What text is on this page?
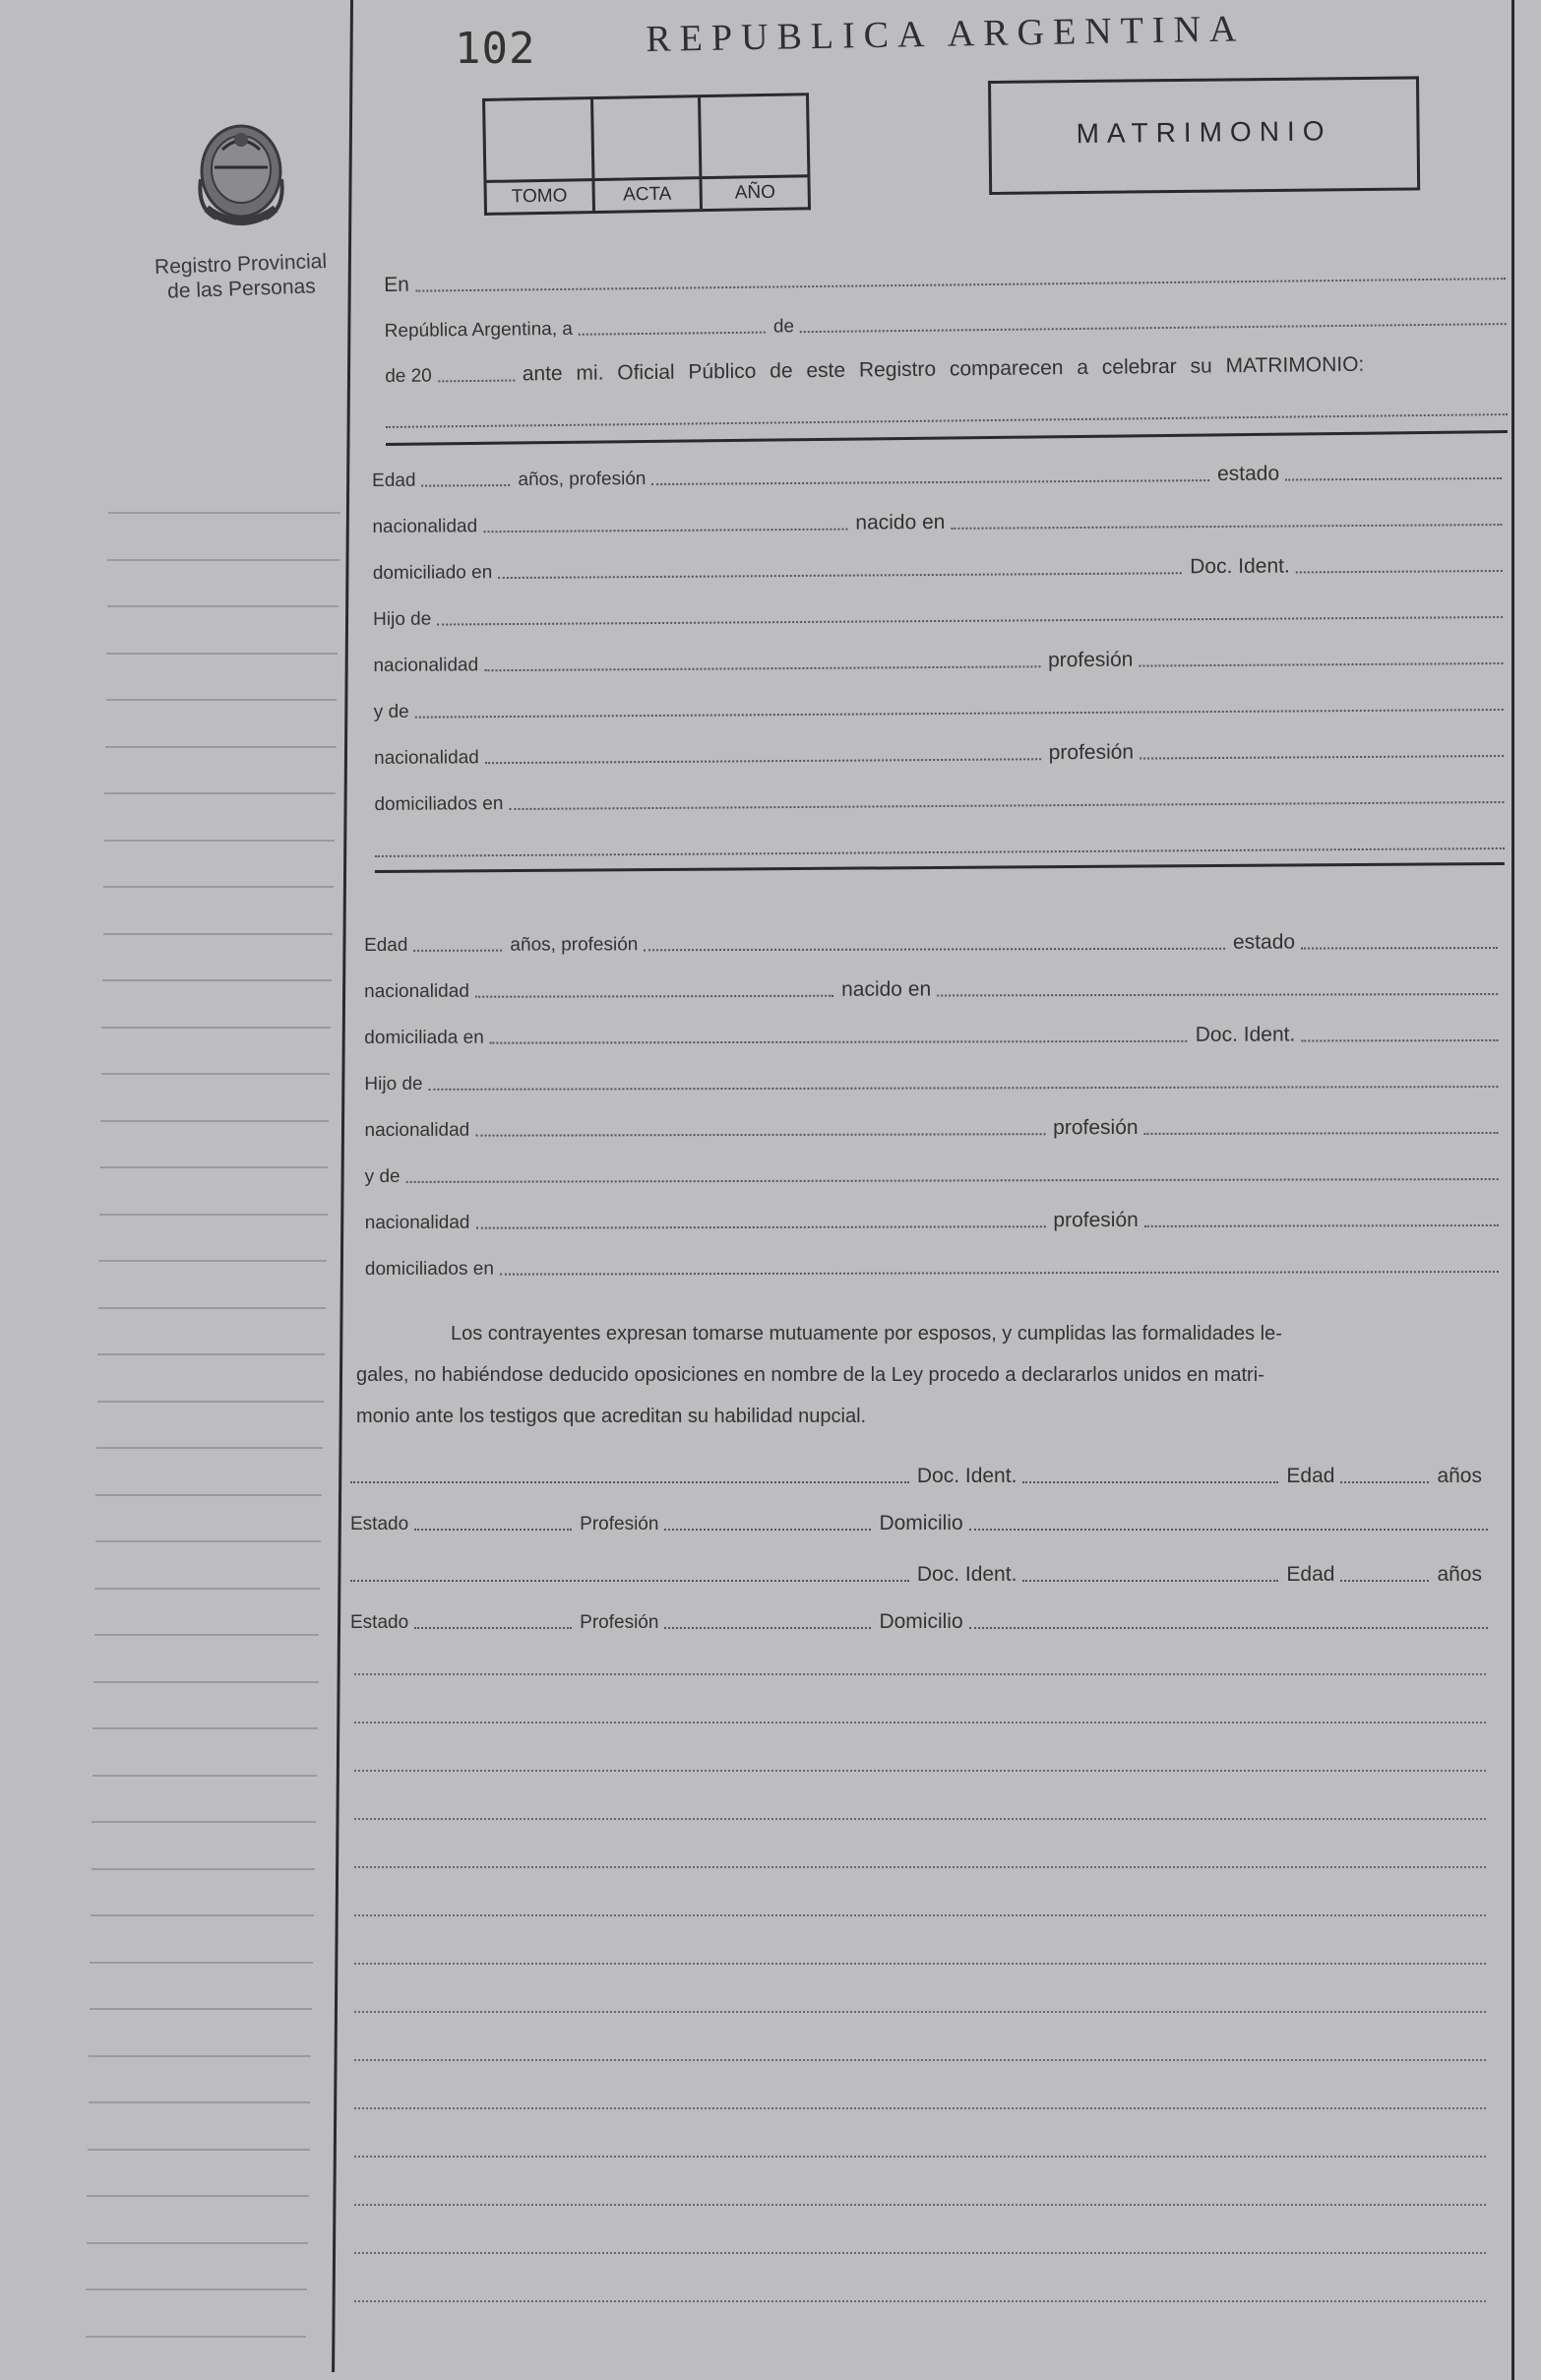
102	REPUBLICA ARGENTINA
TOMO	ACTA	AÑO
MATRIMONIO
Registro Provincial
de las Personas	En
República Argentina, a	de
de 20	ante mi. Oficial Público de este Registro comparecen a celebrar su MATRIMONIO:
Edad	años, profesión	estado
nacionalidad	nacido en
domiciliado en	Doc. Ident.
Hijo de
nacionalidad	profesión
y de
nacionalidad	profesión
domiciliados en
Edad	años, profesión	estado
nacionalidad	nacido en
domiciliada en	Doc. Ident.
Hijo de
nacionalidad	profesión
y de
nacionalidad	profesión
domiciliados en
Los contrayentes expresan tomarse mutuamente por esposos, y cumplidas las formalidades le-
gales, no habiéndose deducido oposiciones en nombre de la Ley procedo a declararlos unidos en matri-
monio ante los testigos que acreditan su habilidad nupcial.
Doc. Ident.	Edad	años
Estado	Profesión	Domicilio
Doc. Ident.	Edad	años
Estado	Profesión	Domicilio
